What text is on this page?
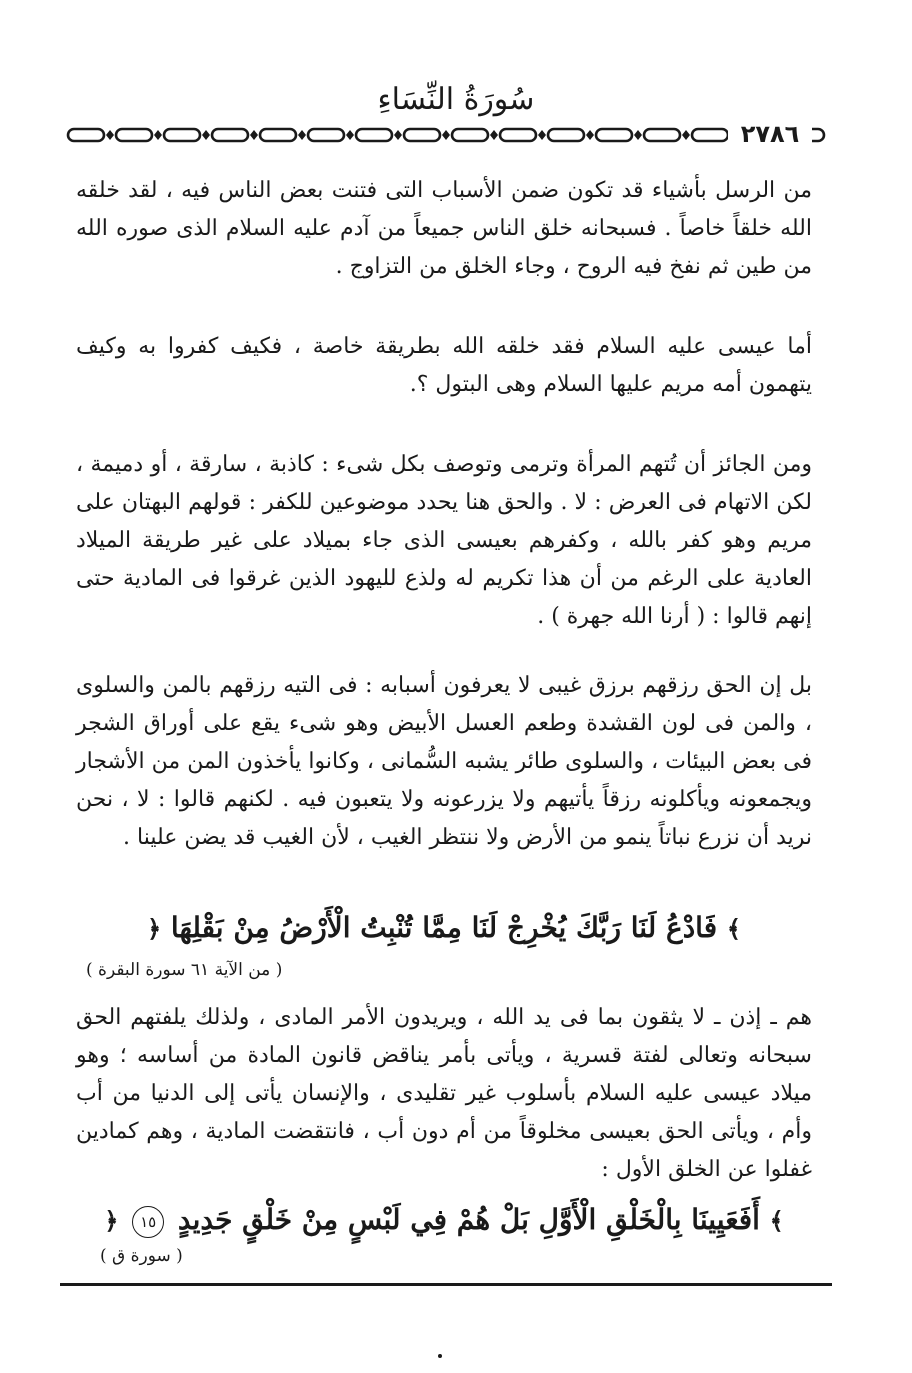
سُورَةُ النِّسَاءِ
٢٧٨٦

من الرسل بأشياء قد تكون ضمن الأسباب التى فتنت بعض الناس فيه ، لقد خلقه الله خلقاً خاصاً . فسبحانه خلق الناس جميعاً من آدم عليه السلام الذى صوره الله من طين ثم نفخ فيه الروح ، وجاء الخلق من التزاوج .

أما عيسى عليه السلام فقد خلقه الله بطريقة خاصة ، فكيف كفروا به وكيف يتهمون أمه مريم عليها السلام وهى البتول ؟.

ومن الجائز أن تُتهم المرأة وترمى وتوصف بكل شىء : كاذبة ، سارقة ، أو دميمة ، لكن الاتهام فى العرض : لا . والحق هنا يحدد موضوعين للكفر : قولهم البهتان على مريم وهو كفر بالله ، وكفرهم بعيسى الذى جاء بميلاد على غير طريقة الميلاد العادية على الرغم من أن هذا تكريم له ولذع لليهود الذين غرقوا فى المادية حتى إنهم قالوا : ( أرنا الله جهرة ) .

بل إن الحق رزقهم برزق غيبى لا يعرفون أسبابه : فى التيه رزقهم بالمن والسلوى ، والمن فى لون القشدة وطعم العسل الأبيض وهو شىء يقع على أوراق الشجر فى بعض البيئات ، والسلوى طائر يشبه السُّمانى ، وكانوا يأخذون المن من الأشجار ويجمعونه ويأكلونه رزقاً يأتيهم ولا يزرعونه ولا يتعبون فيه . لكنهم قالوا : لا ، نحن نريد أن نزرع نباتاً ينمو من الأرض ولا ننتظر الغيب ، لأن الغيب قد يضن علينا .

﴾ فَادْعُ لَنَا رَبَّكَ يُخْرِجْ لَنَا مِمَّا تُنْبِتُ الْأَرْضُ مِنْ بَقْلِهَا ﴿
( من الآية ٦١ سورة البقرة )

هم ـ إذن ـ لا يثقون بما فى يد الله ، ويريدون الأمر المادى ، ولذلك يلفتهم الحق سبحانه وتعالى لفتة قسرية ، ويأتى بأمر يناقض قانون المادة من أساسه ؛ وهو ميلاد عيسى عليه السلام بأسلوب غير تقليدى ، والإنسان يأتى إلى الدنيا من أب وأم ، ويأتى الحق بعيسى مخلوقاً من أم دون أب ، فانتقضت المادية ، وهم كمادين غفلوا عن الخلق الأول :

﴾ أَفَعَيِينَا بِالْخَلْقِ الْأَوَّلِ بَلْ هُمْ فِي لَبْسٍ مِنْ خَلْقٍ جَدِيدٍ ١٥ ﴿
( سورة ق )
